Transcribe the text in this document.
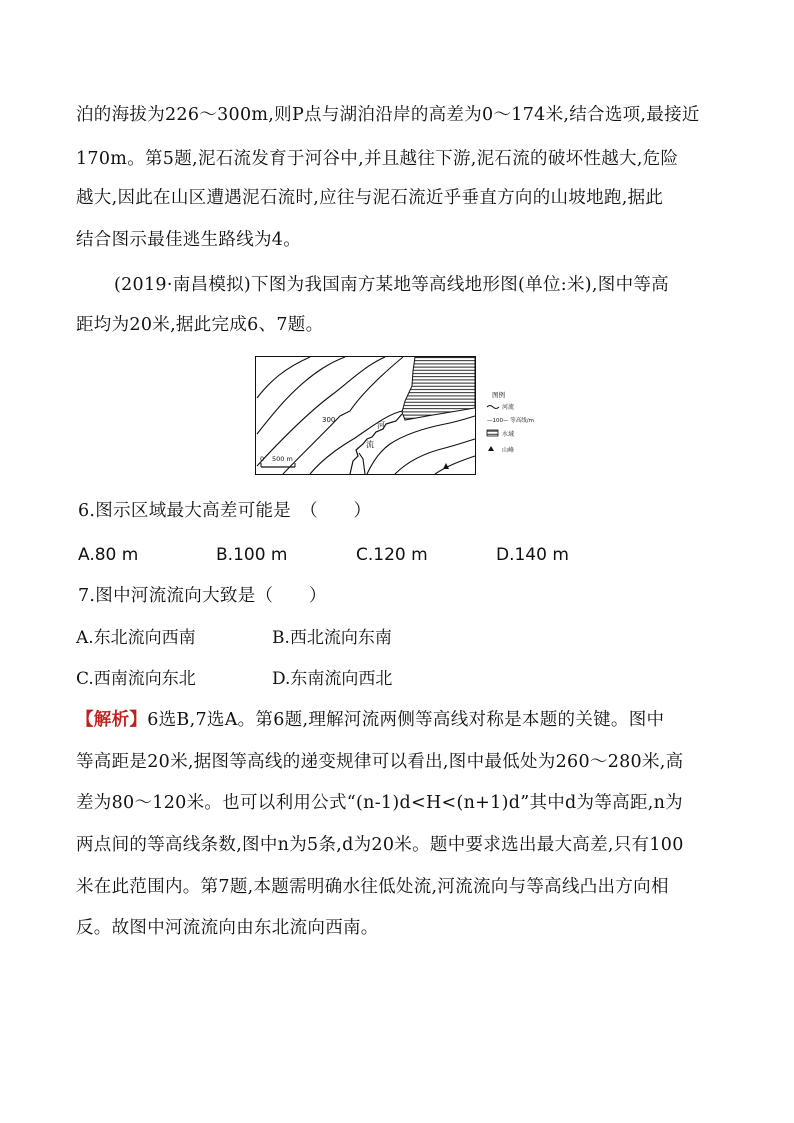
泊的海拔为226～300m,则P点与湖泊沿岸的高差为0～174米,结合选项,最接近
170m。第5题,泥石流发育于河谷中,并且越往下游,泥石流的破坏性越大,危险
越大,因此在山区遭遇泥石流时,应往与泥石流近乎垂直方向的山坡地跑,据此
结合图示最佳逃生路线为4。
(2019·南昌模拟)下图为我国南方某地等高线地形图(单位:米),图中等高
距均为20米,据此完成6、7题。
300
河
流
0 500 m
图例
河流
—100— 等高线/m
水域
山峰
6.图示区域最大高差可能是　（　　）
A.80 m	B.100 m	C.120 m	D.140 m
7.图中河流流向大致是（　　）
A.东北流向西南	B.西北流向东南
C.西南流向东北	D.东南流向西北
【解析】6选B,7选A。第6题,理解河流两侧等高线对称是本题的关键。图中
等高距是20米,据图等高线的递变规律可以看出,图中最低处为260～280米,高
差为80～120米。也可以利用公式“(n-1)d<H<(n+1)d”其中d为等高距,n为
两点间的等高线条数,图中n为5条,d为20米。题中要求选出最大高差,只有100
米在此范围内。第7题,本题需明确水往低处流,河流流向与等高线凸出方向相
反。故图中河流流向由东北流向西南。
